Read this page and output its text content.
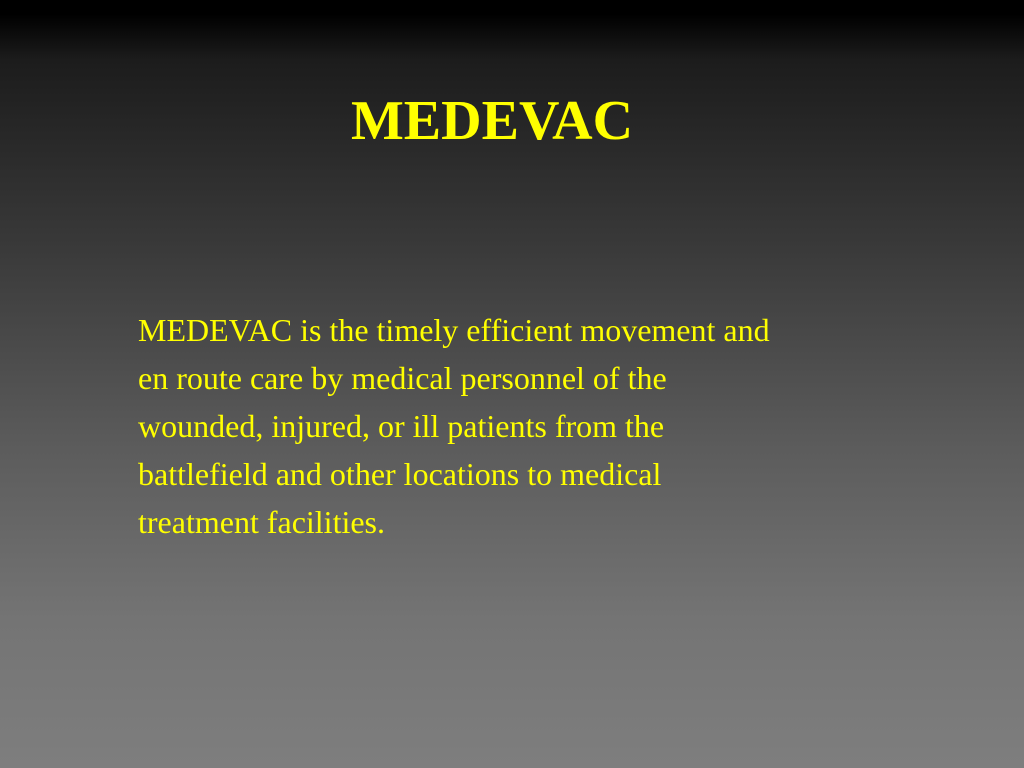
MEDEVAC
MEDEVAC is the timely efficient movement and
en route care by medical personnel of the
wounded, injured, or ill patients from the
battlefield and other locations to medical
treatment facilities.
